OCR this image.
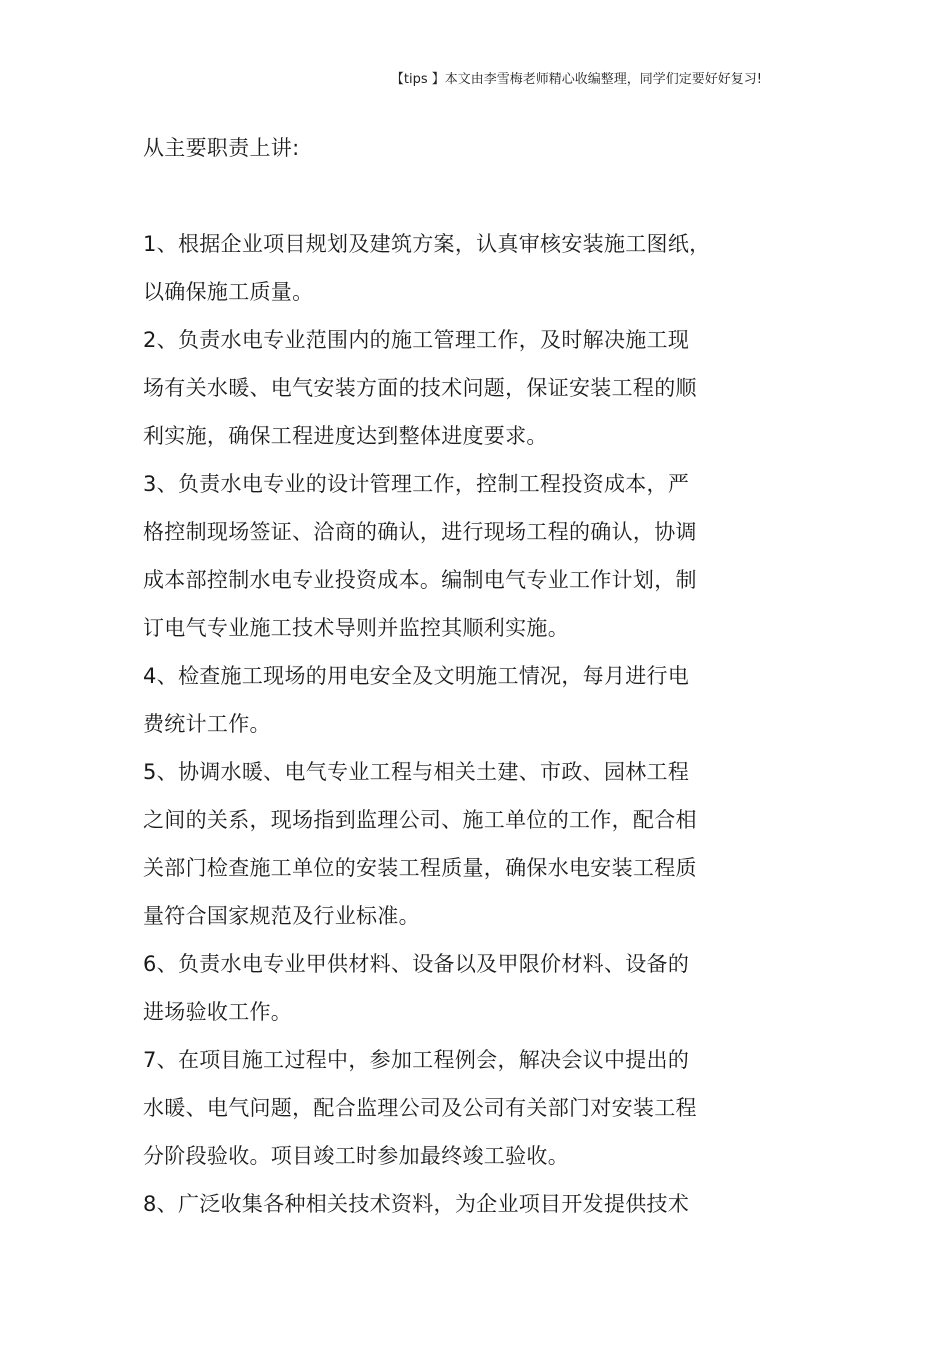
【tips 】本文由李雪梅老师精心收编整理，同学们定要好好复习!

从主要职责上讲:

1、根据企业项目规划及建筑方案，认真审核安装施工图纸，
以确保施工质量。
2、负责水电专业范围内的施工管理工作，及时解决施工现
场有关水暖、电气安装方面的技术问题，保证安装工程的顺
利实施，确保工程进度达到整体进度要求。
3、负责水电专业的设计管理工作，控制工程投资成本，严
格控制现场签证、洽商的确认，进行现场工程的确认，协调
成本部控制水电专业投资成本。编制电气专业工作计划，制
订电气专业施工技术导则并监控其顺利实施。
4、检查施工现场的用电安全及文明施工情况，每月进行电
费统计工作。
5、协调水暖、电气专业工程与相关土建、市政、园林工程
之间的关系，现场指到监理公司、施工单位的工作，配合相
关部门检查施工单位的安装工程质量，确保水电安装工程质
量符合国家规范及行业标准。
6、负责水电专业甲供材料、设备以及甲限价材料、设备的
进场验收工作。
7、在项目施工过程中，参加工程例会，解决会议中提出的
水暖、电气问题，配合监理公司及公司有关部门对安装工程
分阶段验收。项目竣工时参加最终竣工验收。
8、广泛收集各种相关技术资料，为企业项目开发提供技术
